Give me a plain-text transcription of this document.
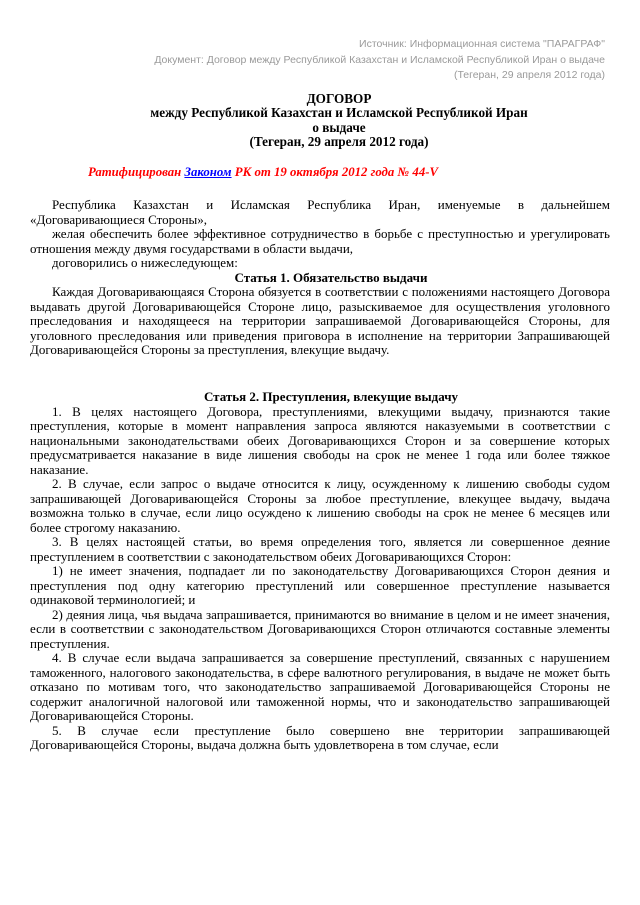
Источник: Информационная система "ПАРАГРАФ"
Документ: Договор между Республикой Казахстан и Исламской Республикой Иран о выдаче
(Тегеран, 29 апреля 2012 года)
ДОГОВОР
между Республикой Казахстан и Исламской Республикой Иран
о выдаче
(Тегеран, 29 апреля 2012 года)
Ратифицирован Законом РК от 19 октября 2012 года № 44-V

Республика Казахстан и Исламская Республика Иран, именуемые в дальнейшем «Договаривающиеся Стороны»,

желая обеспечить более эффективное сотрудничество в борьбе с преступностью и урегулировать отношения между двумя государствами в области выдачи,

договорились о нижеследующем:

Статья 1. Обязательство выдачи

Каждая Договаривающаяся Сторона обязуется в соответствии с положениями настоящего Договора выдавать другой Договаривающейся Стороне лицо, разыскиваемое для осуществления уголовного преследования и находящееся на территории запрашиваемой Договаривающейся Стороны, для уголовного преследования или приведения приговора в исполнение на территории Запрашивающей Договаривающейся Стороны за преступления, влекущие выдачу.

Статья 2. Преступления, влекущие выдачу

1. В целях настоящего Договора, преступлениями, влекущими выдачу, признаются такие преступления, которые в момент направления запроса являются наказуемыми в соответствии с национальными законодательствами обеих Договаривающихся Сторон и за совершение которых предусматривается наказание в виде лишения свободы на срок не менее 1 года или более тяжкое наказание.

2. В случае, если запрос о выдаче относится к лицу, осужденному к лишению свободы судом запрашивающей Договаривающейся Стороны за любое преступление, влекущее выдачу, выдача возможна только в случае, если лицо осуждено к лишению свободы на срок не менее 6 месяцев или более строгому наказанию.

3. В целях настоящей статьи, во время определения того, является ли совершенное деяние преступлением в соответствии с законодательством обеих Договаривающихся Сторон:

1) не имеет значения, подпадает ли по законодательству Договаривающихся Сторон деяния и преступления под одну категорию преступлений или совершенное преступление называется одинаковой терминологией; и

2) деяния лица, чья выдача запрашивается, принимаются во внимание в целом и не имеет значения, если в соответствии с законодательством Договаривающихся Сторон отличаются составные элементы преступления.

4. В случае если выдача запрашивается за совершение преступлений, связанных с нарушением таможенного, налогового законодательства, в сфере валютного регулирования, в выдаче не может быть отказано по мотивам того, что законодательство запрашиваемой Договаривающейся Стороны не содержит аналогичной налоговой или таможенной нормы, что и законодательство запрашивающей Договаривающейся Стороны.

5. В случае если преступление было совершено вне территории запрашивающей Договаривающейся Стороны, выдача должна быть удовлетворена в том случае, если
